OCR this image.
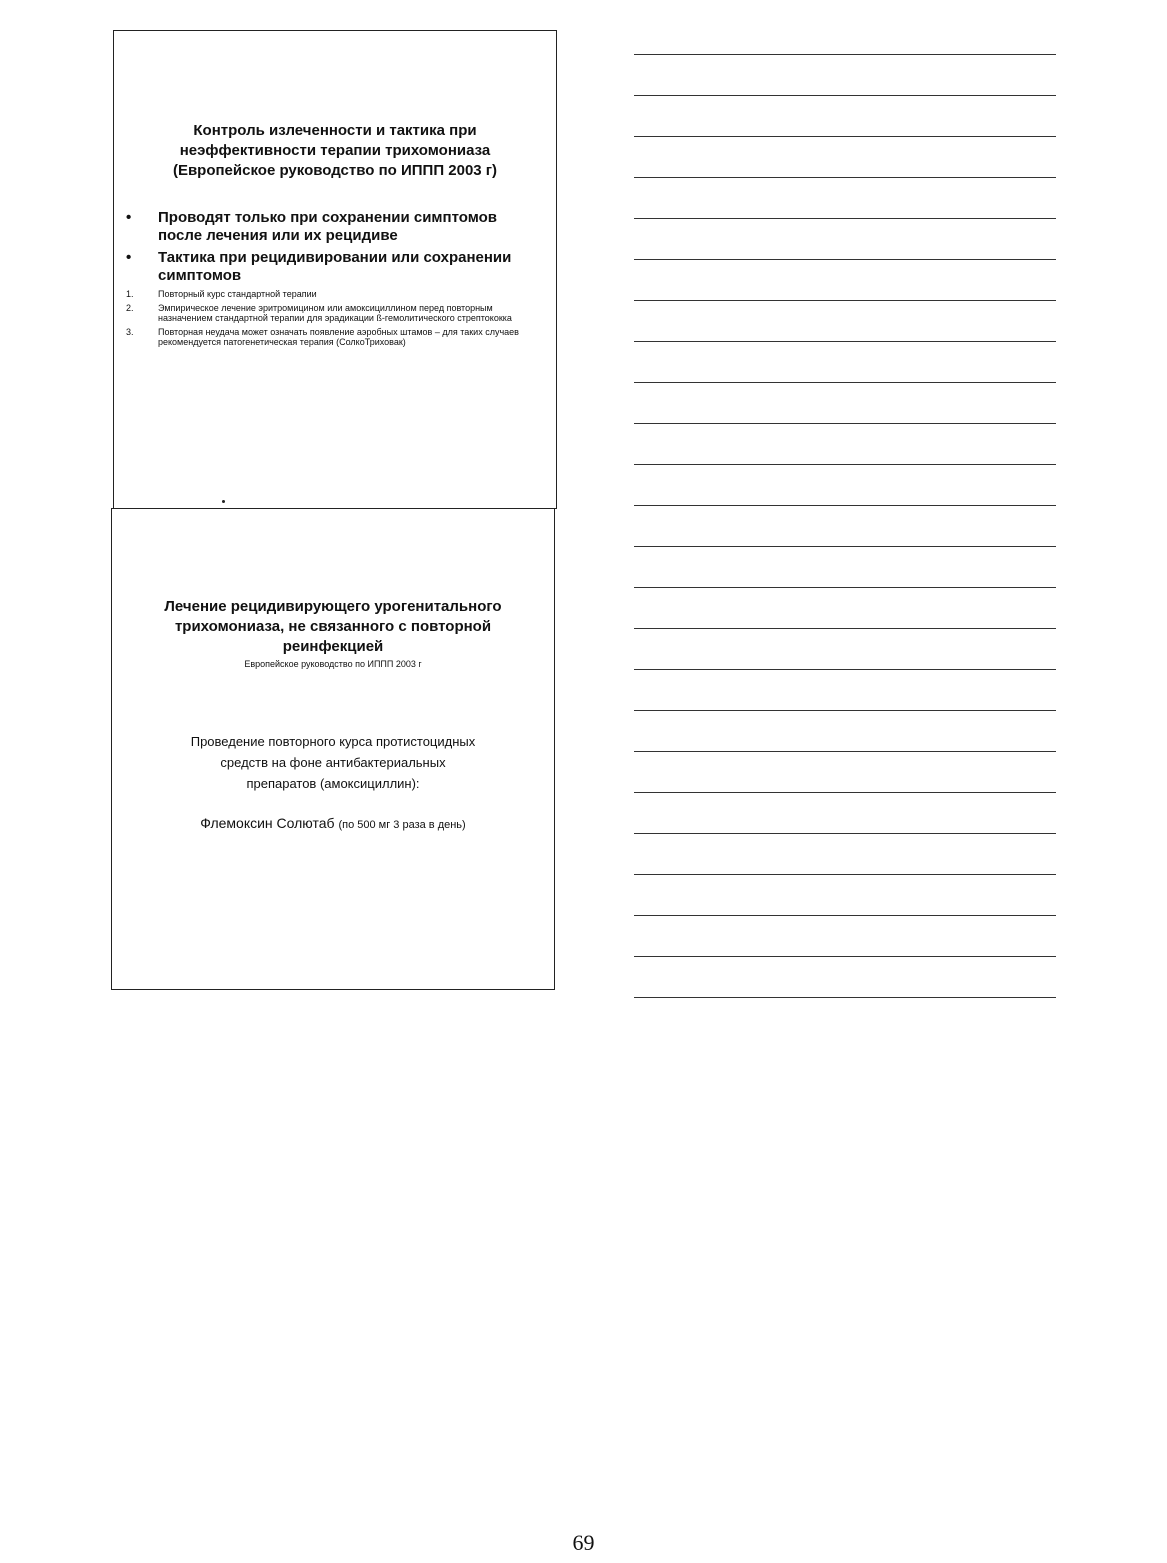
Контроль излеченности и тактика при неэффективности терапии трихомониаза (Европейское руководство по ИППП 2003 г)
•	Проводят только при сохранении симптомов после лечения или их рецидиве
•	Тактика при рецидивировании или сохранении симптомов
1.	Повторный курс стандартной терапии
2.	Эмпирическое лечение эритромицином или амоксициллином перед повторным назначением стандартной терапии для эрадикации ß-гемолитического стрептококка
3.	Повторная неудача может означать появление аэробных штамов – для таких случаев рекомендуется патогенетическая терапия (СолкоТриховак)
Лечение рецидивирующего урогенитального трихомониаза, не связанного с повторной реинфекцией
Европейское руководство по ИППП 2003 г
Проведение повторного курса протистоцидных
средств на фоне антибактериальных
препаратов (амоксициллин):
Флемоксин Солютаб (по 500 мг 3 раза в день)
69
